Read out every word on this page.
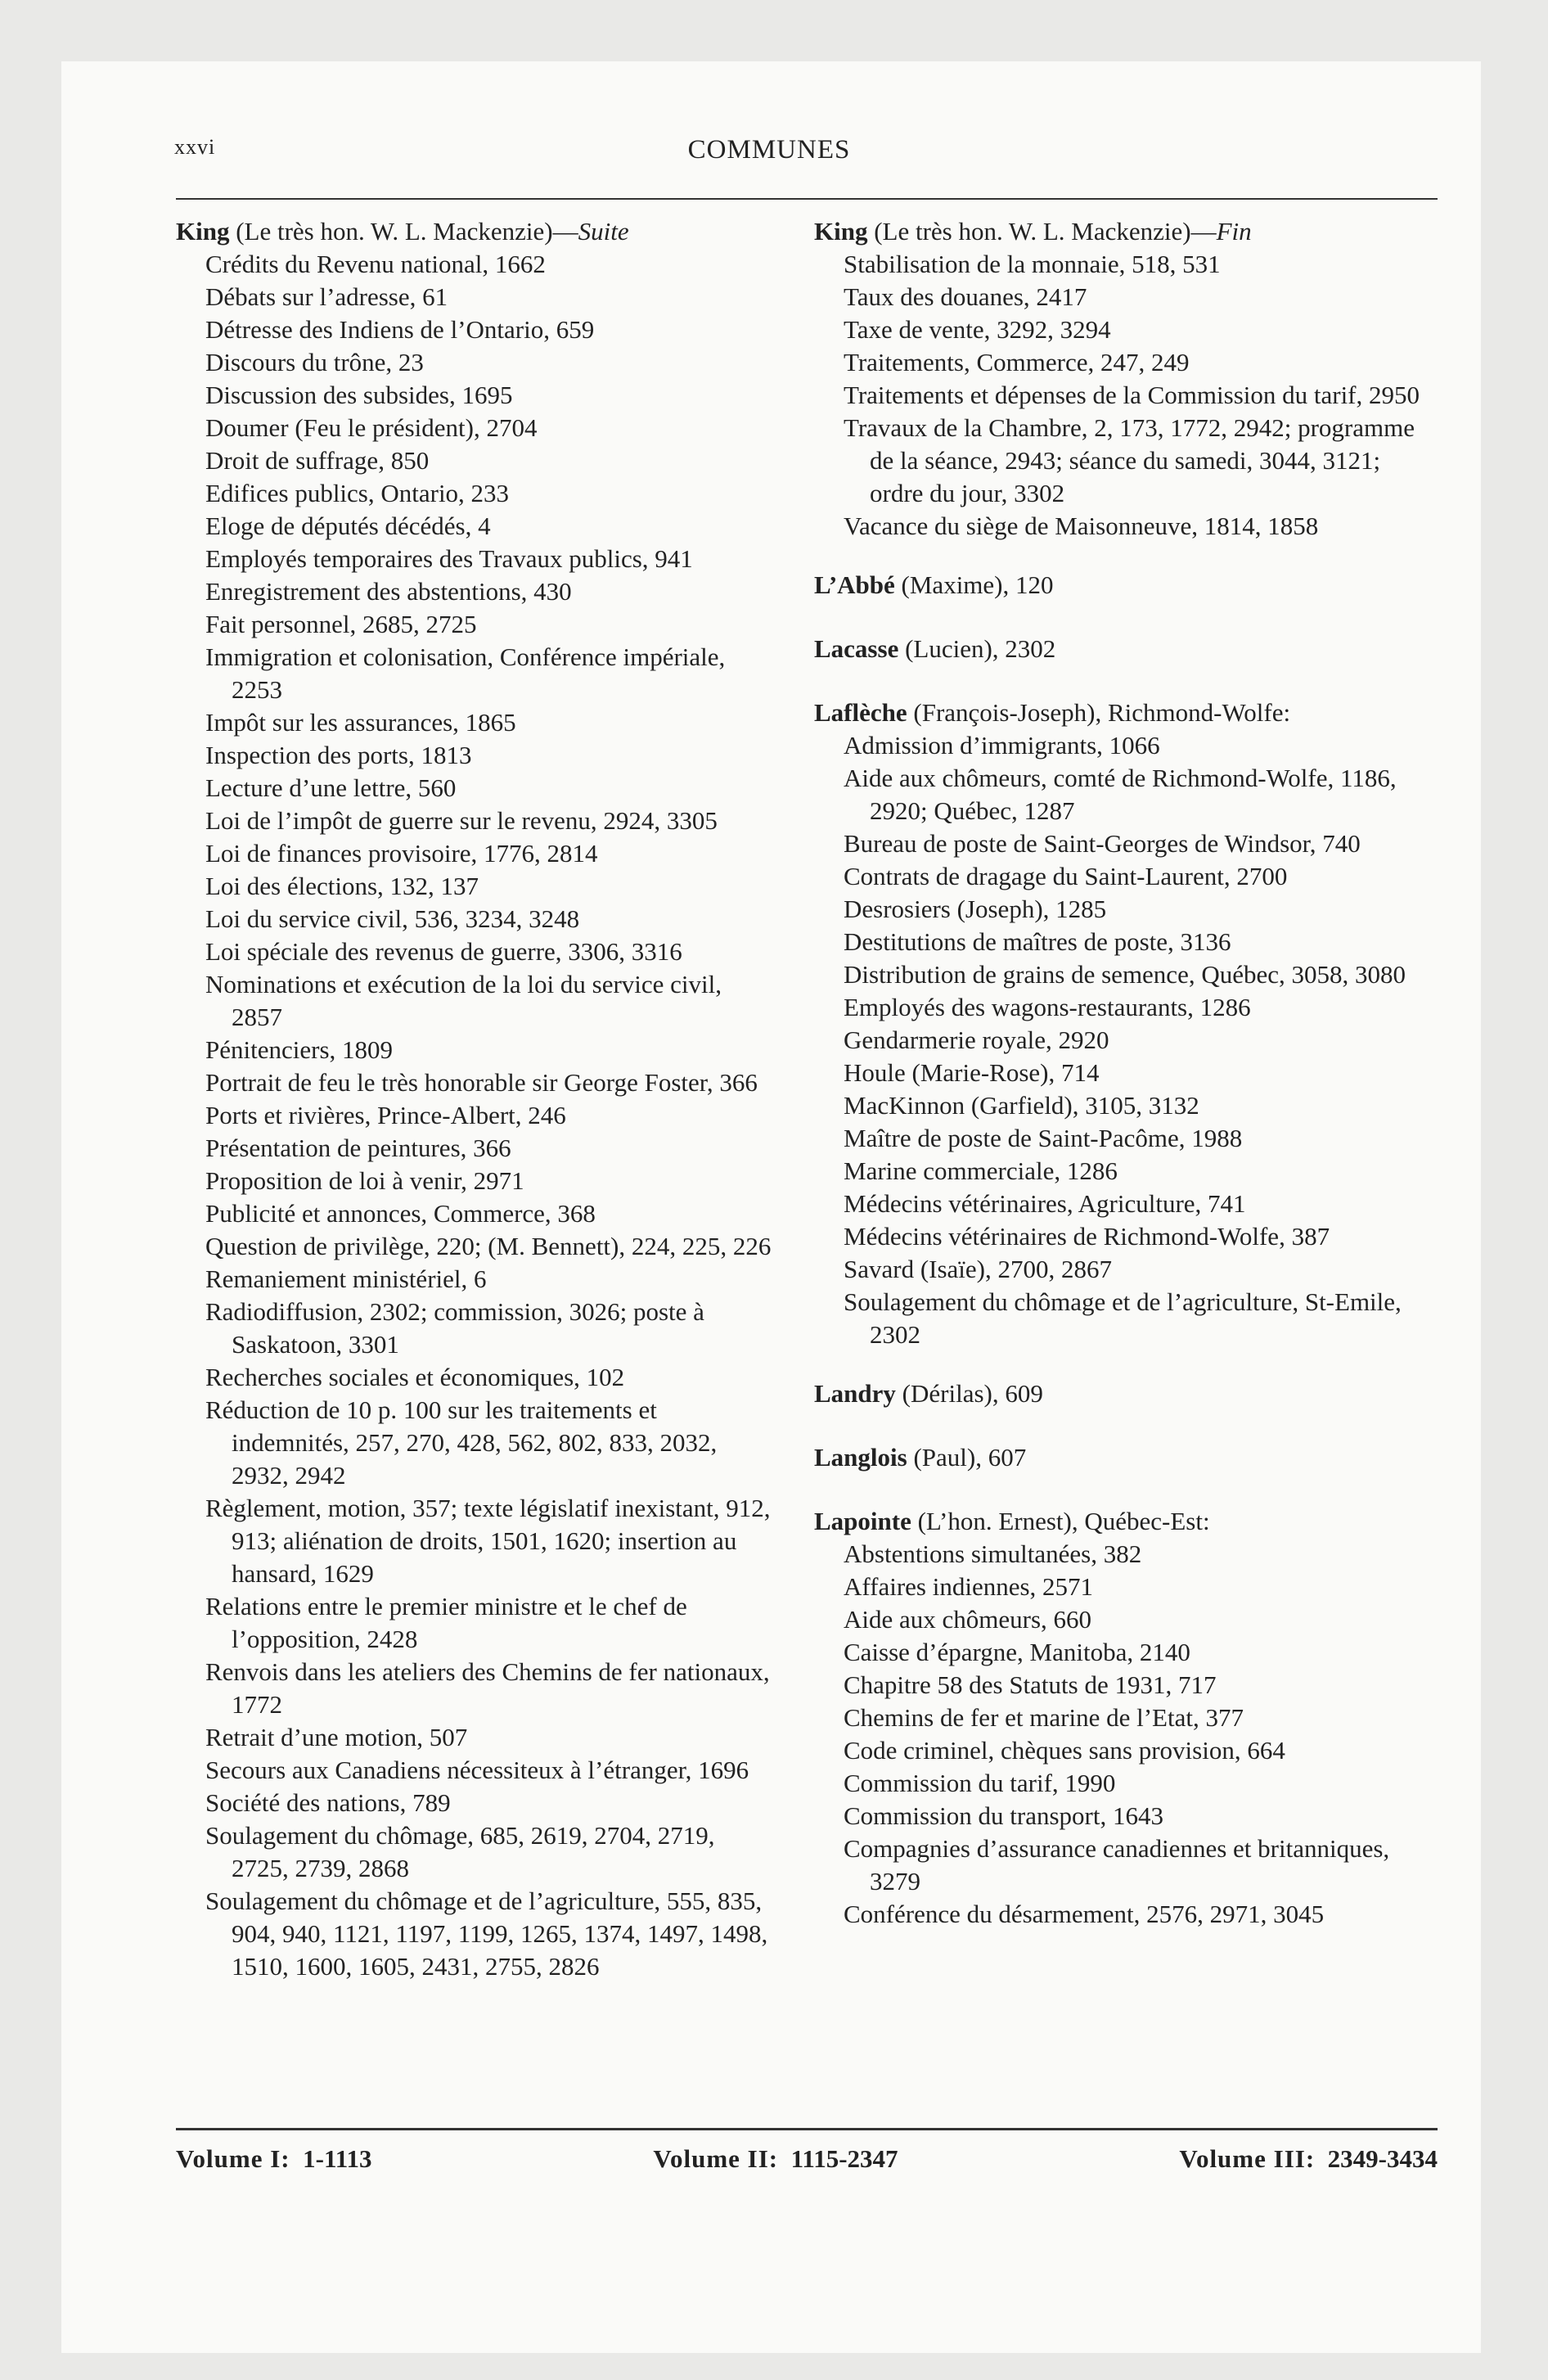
xxvi	COMMUNES
King (Le très hon. W. L. Mackenzie)—Suite
Crédits du Revenu national, 1662
Débats sur l’adresse, 61
Détresse des Indiens de l’Ontario, 659
Discours du trône, 23
Discussion des subsides, 1695
Doumer (Feu le président), 2704
Droit de suffrage, 850
Edifices publics, Ontario, 233
Eloge de députés décédés, 4
Employés temporaires des Travaux publics, 941
Enregistrement des abstentions, 430
Fait personnel, 2685, 2725
Immigration et colonisation, Conférence impériale, 2253
Impôt sur les assurances, 1865
Inspection des ports, 1813
Lecture d’une lettre, 560
Loi de l’impôt de guerre sur le revenu, 2924, 3305
Loi de finances provisoire, 1776, 2814
Loi des élections, 132, 137
Loi du service civil, 536, 3234, 3248
Loi spéciale des revenus de guerre, 3306, 3316
Nominations et exécution de la loi du service civil, 2857
Pénitenciers, 1809
Portrait de feu le très honorable sir George Foster, 366
Ports et rivières, Prince-Albert, 246
Présentation de peintures, 366
Proposition de loi à venir, 2971
Publicité et annonces, Commerce, 368
Question de privilège, 220; (M. Bennett), 224, 225, 226
Remaniement ministériel, 6
Radiodiffusion, 2302; commission, 3026; poste à Saskatoon, 3301
Recherches sociales et économiques, 102
Réduction de 10 p. 100 sur les traitements et indemnités, 257, 270, 428, 562, 802, 833, 2032, 2932, 2942
Règlement, motion, 357; texte législatif inexistant, 912, 913; aliénation de droits, 1501, 1620; insertion au hansard, 1629
Relations entre le premier ministre et le chef de l’opposition, 2428
Renvois dans les ateliers des Chemins de fer nationaux, 1772
Retrait d’une motion, 507
Secours aux Canadiens nécessiteux à l’étranger, 1696
Société des nations, 789
Soulagement du chômage, 685, 2619, 2704, 2719, 2725, 2739, 2868
Soulagement du chômage et de l’agriculture, 555, 835, 904, 940, 1121, 1197, 1199, 1265, 1374, 1497, 1498, 1510, 1600, 1605, 2431, 2755, 2826
King (Le très hon. W. L. Mackenzie)—Fin
Stabilisation de la monnaie, 518, 531
Taux des douanes, 2417
Taxe de vente, 3292, 3294
Traitements, Commerce, 247, 249
Traitements et dépenses de la Commission du tarif, 2950
Travaux de la Chambre, 2, 173, 1772, 2942; programme de la séance, 2943; séance du samedi, 3044, 3121; ordre du jour, 3302
Vacance du siège de Maisonneuve, 1814, 1858
L’Abbé (Maxime), 120
Lacasse (Lucien), 2302
Laflèche (François-Joseph), Richmond-Wolfe:
Admission d’immigrants, 1066
Aide aux chômeurs, comté de Richmond-Wolfe, 1186, 2920; Québec, 1287
Bureau de poste de Saint-Georges de Windsor, 740
Contrats de dragage du Saint-Laurent, 2700
Desrosiers (Joseph), 1285
Destitutions de maîtres de poste, 3136
Distribution de grains de semence, Québec, 3058, 3080
Employés des wagons-restaurants, 1286
Gendarmerie royale, 2920
Houle (Marie-Rose), 714
MacKinnon (Garfield), 3105, 3132
Maître de poste de Saint-Pacôme, 1988
Marine commerciale, 1286
Médecins vétérinaires, Agriculture, 741
Médecins vétérinaires de Richmond-Wolfe, 387
Savard (Isaïe), 2700, 2867
Soulagement du chômage et de l’agriculture, St-Emile, 2302
Landry (Dérilas), 609
Langlois (Paul), 607
Lapointe (L’hon. Ernest), Québec-Est:
Abstentions simultanées, 382
Affaires indiennes, 2571
Aide aux chômeurs, 660
Caisse d’épargne, Manitoba, 2140
Chapitre 58 des Statuts de 1931, 717
Chemins de fer et marine de l’Etat, 377
Code criminel, chèques sans provision, 664
Commission du tarif, 1990
Commission du transport, 1643
Compagnies d’assurance canadiennes et britanniques, 3279
Conférence du désarmement, 2576, 2971, 3045
Volume I: 1-1113	Volume II: 1115-2347	Volume III: 2349-3434
